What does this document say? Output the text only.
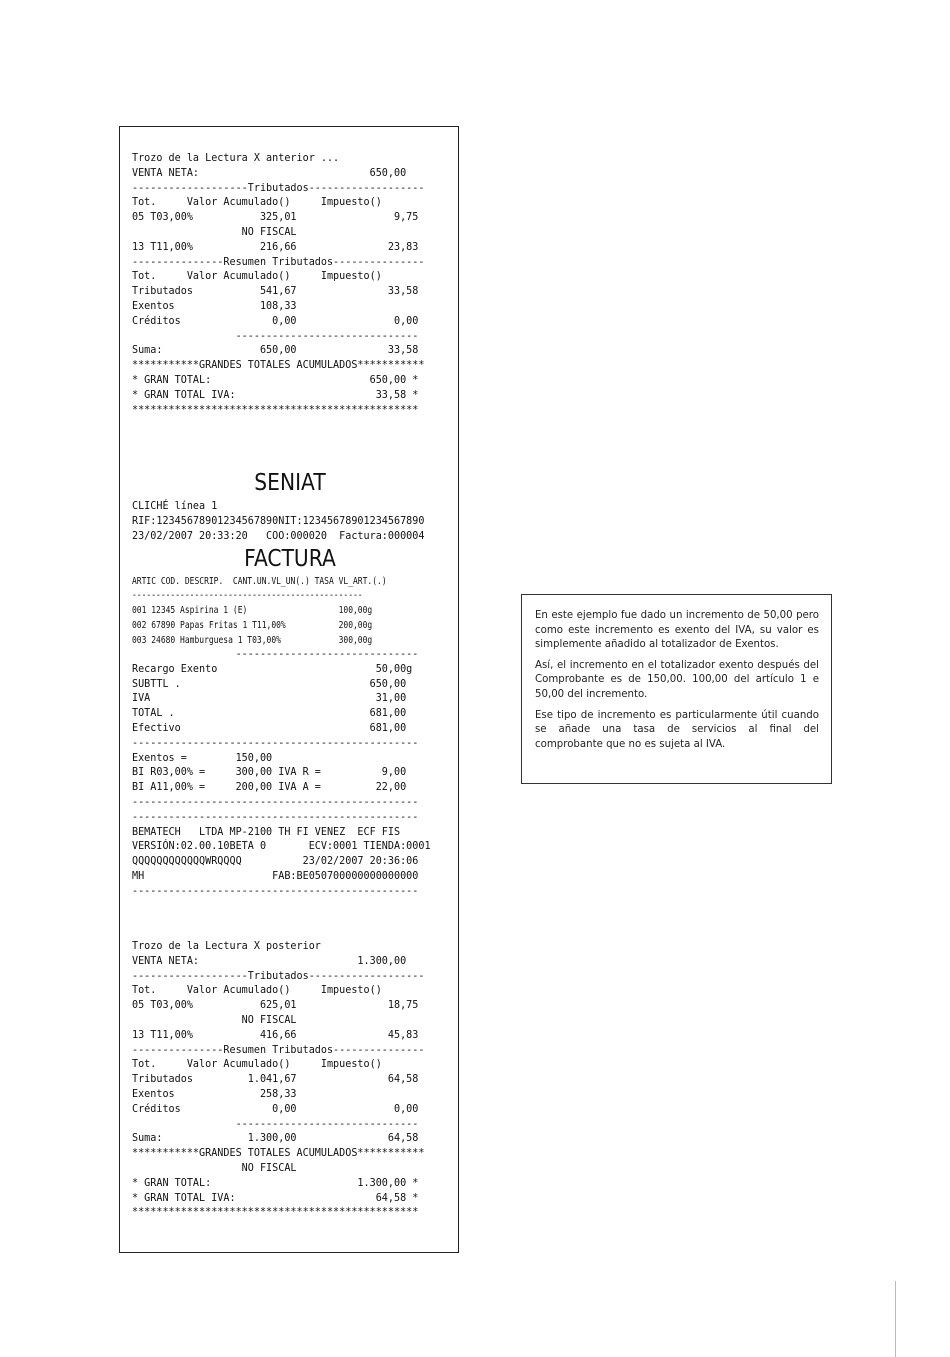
Trozo de la Lectura X anterior ...
VENTA NETA:                            650,00
-------------------Tributados-------------------
Tot.     Valor Acumulado()     Impuesto()
05 T03,00%           325,01                9,75
NO FISCAL
13 T11,00%           216,66               23,83
---------------Resumen Tributados---------------
Tot.     Valor Acumulado()     Impuesto()
Tributados           541,67               33,58
Exentos              108,33
Créditos               0,00                0,00
------------------------------
Suma:                650,00               33,58
***********GRANDES TOTALES ACUMULADOS***********
* GRAN TOTAL:                          650,00 *
* GRAN TOTAL IVA:                       33,58 *
***********************************************
SENIAT
CLICHÉ línea 1
RIF:12345678901234567890NIT:12345678901234567890
23/02/2007 20:33:20   COO:000020  Factura:000004
FACTURA
ARTIC COD. DESCRIP.  CANT.UN.VL_UN(.) TASA VL_ART.(.)
------------------------------------------------
001 12345 Aspirina 1 (E)                   100,00g
002 67890 Papas Fritas 1 T11,00%           200,00g
003 24680 Hamburguesa 1 T03,00%            300,00g
------------------------------
Recargo Exento                          50,00g
SUBTTL .                               650,00
IVA                                     31,00
TOTAL .                                681,00
Efectivo                               681,00
-----------------------------------------------
Exentos =        150,00
BI R03,00% =     300,00 IVA R =          9,00
BI A11,00% =     200,00 IVA A =         22,00
-----------------------------------------------
-----------------------------------------------
BEMATECH   LTDA MP-2100 TH FI VENEZ  ECF FIS
VERSIÓN:02.00.10BETA 0       ECV:0001 TIENDA:0001
QQQQQQQQQQQQWRQQQQ          23/02/2007 20:36:06
MH                     FAB:BE050700000000000000
-----------------------------------------------
Trozo de la Lectura X posterior
VENTA NETA:                          1.300,00
-------------------Tributados-------------------
Tot.     Valor Acumulado()     Impuesto()
05 T03,00%           625,01               18,75
NO FISCAL
13 T11,00%           416,66               45,83
---------------Resumen Tributados---------------
Tot.     Valor Acumulado()     Impuesto()
Tributados         1.041,67               64,58
Exentos              258,33
Créditos               0,00                0,00
------------------------------
Suma:              1.300,00               64,58
***********GRANDES TOTALES ACUMULADOS***********
NO FISCAL
* GRAN TOTAL:                        1.300,00 *
* GRAN TOTAL IVA:                       64,58 *
***********************************************

En este ejemplo fue dado un incremento de 50,00 pero como este incremento es exento del IVA, su valor es simplemente añadido al totalizador de Exentos.

Así, el incremento en el totalizador exento después del Comprobante es de 150,00. 100,00 del artículo 1 e 50,00 del incremento.

Ese tipo de incremento es particularmente útil cuando se añade una tasa de servicios al final del comprobante que no es sujeta al IVA.
